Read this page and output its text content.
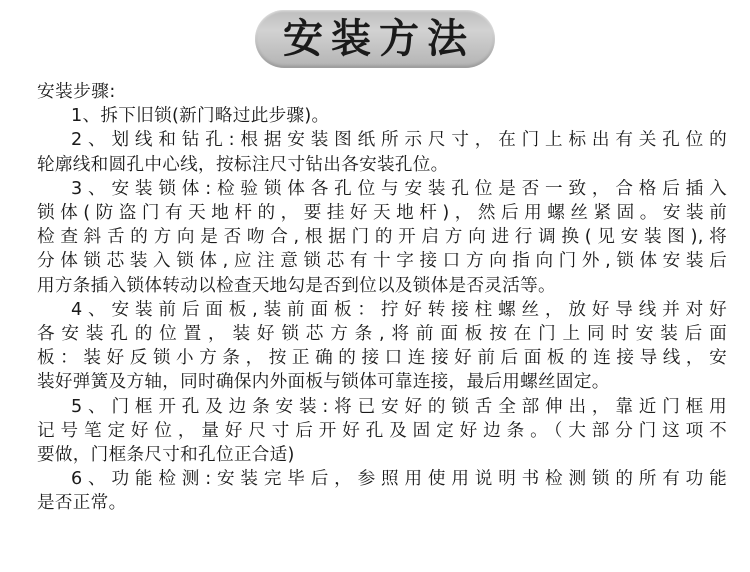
安装方法
安装步骤:
1、拆下旧锁(新门略过此步骤)。
2、划线和钻孔:根据安装图纸所示尺寸，在门上标出有关孔位的
轮廓线和圆孔中心线，按标注尺寸钻出各安装孔位。
3、安装锁体:检验锁体各孔位与安装孔位是否一致，合格后插入
锁体(防盗门有天地杆的，要挂好天地杆)，然后用螺丝紧固。安装前
检查斜舌的方向是否吻合,根据门的开启方向进行调换(见安装图),将
分体锁芯装入锁体,应注意锁芯有十字接口方向指向门外,锁体安装后
用方条插入锁体转动以检查天地勾是否到位以及锁体是否灵活等。
4、安装前后面板,装前面板：拧好转接柱螺丝，放好导线并对好
各安装孔的位置，装好锁芯方条,将前面板按在门上同时安装后面
板：装好反锁小方条，按正确的接口连接好前后面板的连接导线，安
装好弹簧及方轴，同时确保内外面板与锁体可靠连接，最后用螺丝固定。
5、门框开孔及边条安装:将已安好的锁舌全部伸出，靠近门框用
记号笔定好位，量好尺寸后开好孔及固定好边条。（大部分门这项不
要做，门框条尺寸和孔位正合适)
6、功能检测:安装完毕后，参照用使用说明书检测锁的所有功能
是否正常。
